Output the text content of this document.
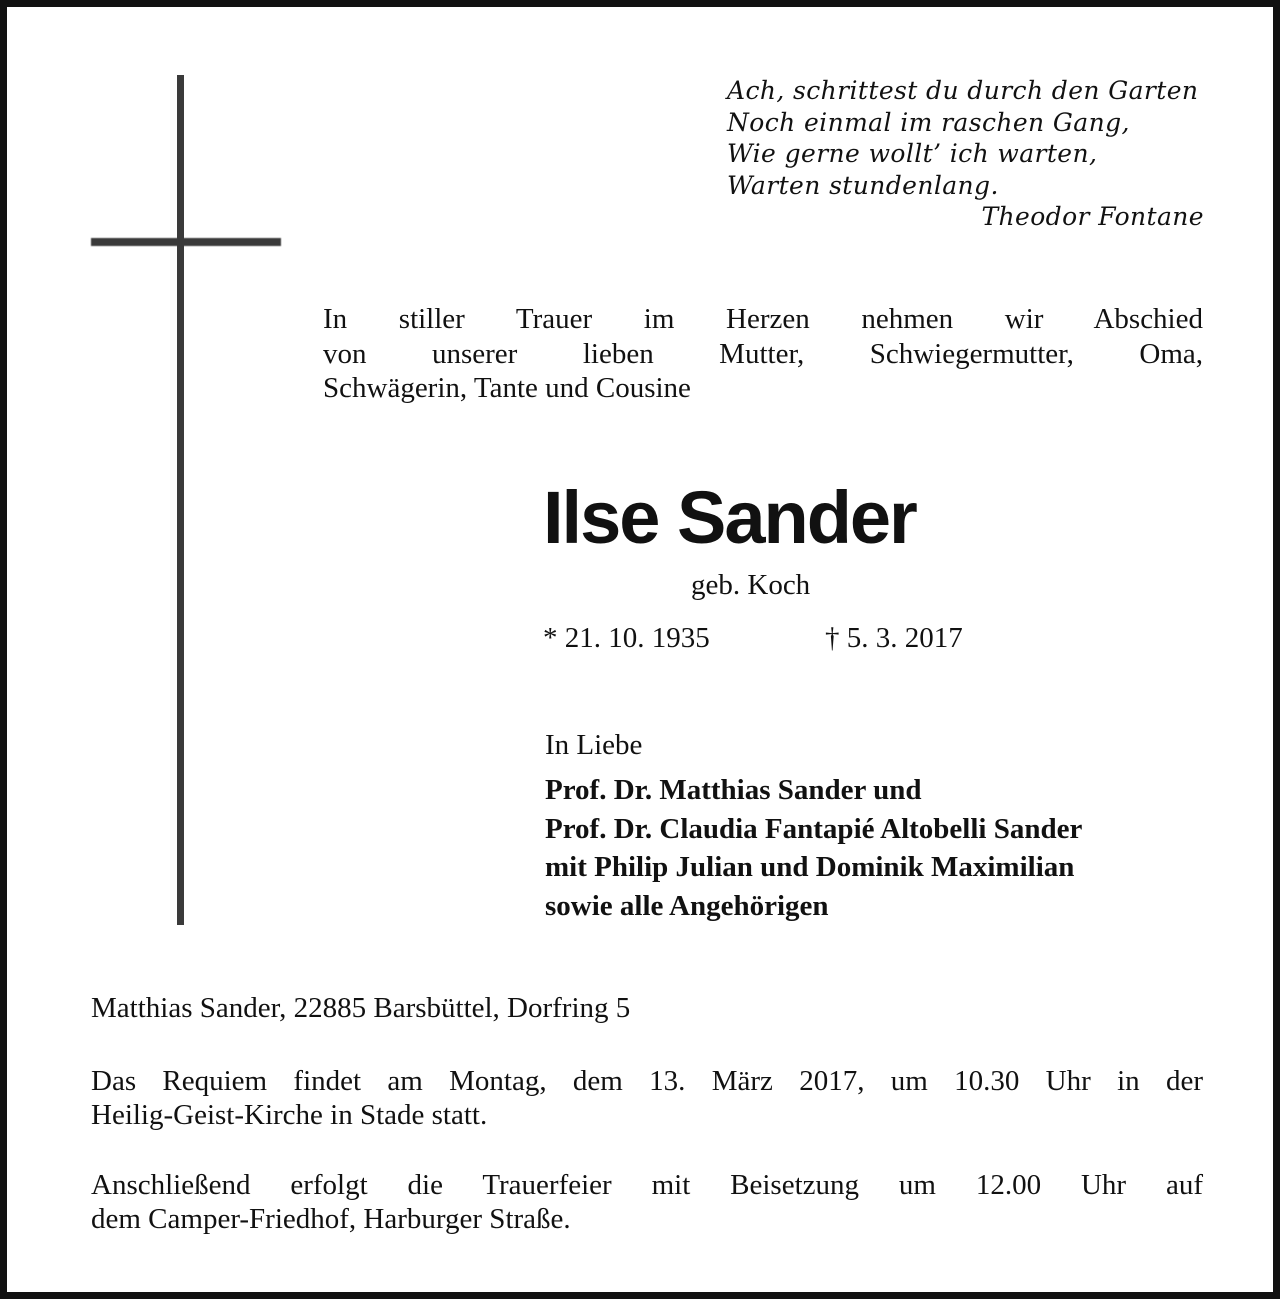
Ach, schrittest du durch den Garten
Noch einmal im raschen Gang,
Wie gerne wollt’ ich warten,
Warten stundenlang.
Theodor Fontane
In stiller Trauer im Herzen nehmen wir Abschied
von unserer lieben Mutter, Schwiegermutter, Oma,
Schwägerin, Tante und Cousine
Ilse Sander
geb. Koch
* 21. 10. 1935	† 5. 3. 2017
In Liebe
Prof. Dr. Matthias Sander und
Prof. Dr. Claudia Fantapié Altobelli Sander
mit Philip Julian und Dominik Maximilian
sowie alle Angehörigen
Matthias Sander, 22885 Barsbüttel, Dorfring 5
Das Requiem findet am Montag, dem 13. März 2017, um 10.30 Uhr in der
Heilig-Geist-Kirche in Stade statt.
Anschließend erfolgt die Trauerfeier mit Beisetzung um 12.00 Uhr auf
dem Camper-Friedhof, Harburger Straße.
